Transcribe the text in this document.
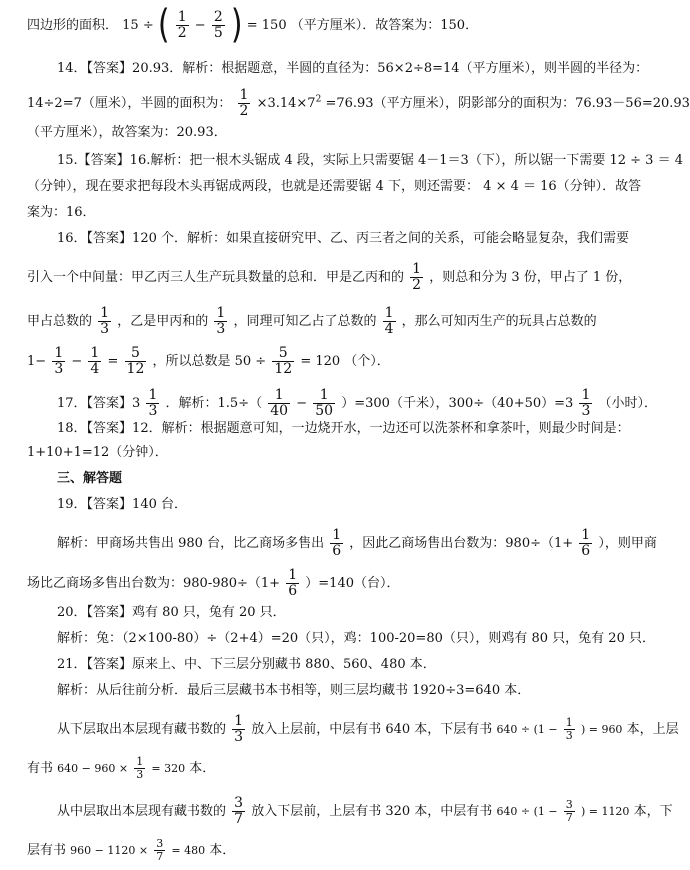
四边形的面积． 15 ÷ ( $\frac{1}{2} - \frac{2}{5}$ ) = 150 （平方厘米）．故答案为：150．
14．【答案】20.93．解析：根据题意，半圆的直径为：56×2÷8=14（平方厘米），则半圆的半径为：
14÷2=7（厘米），半圆的面积为： $\frac{1}{2} \times 3.14\times 7^2 =76.93$（平方厘米），阴影部分的面积为：76.93－56=20.93
（平方厘米），故答案为：20.93．
15.【答案】16.解析：把一根木头锯成 4 段，实际上只需要锯 4－1＝3（下），所以锯一下需要 12 ÷ 3 ＝ 4
（分钟），现在要求把每段木头再锯成两段，也就是还需要锯 4 下，则还需要： 4 × 4 ＝ 16（分钟）．故答
案为：16．
16．【答案】120 个．解析：如果直接研究甲、乙、丙三者之间的关系，可能会略显复杂，我们需要
引入一个中间量：甲乙丙三人生产玩具数量的总和．甲是乙丙和的 $\frac{1}{2}$ ，则总和分为 3 份，甲占了 1 份，
甲占总数的 $\frac{1}{3}$ ，乙是甲丙和的 $\frac{1}{3}$ ，同理可知乙占了总数的 $\frac{1}{4}$ ，那么可知丙生产的玩具占总数的
$1- \frac{1}{3} - \frac{1}{4} = \frac{5}{12}$ ，所以总数是 $50 \div \frac{5}{12} = 120$ （个）．
17．【答案】$3 \frac{1}{3}$ ．解析：$1.5\div( \frac{1}{40} - \frac{1}{50} )=300$（千米），$300\div(40+50)=3 \frac{1}{3}$ （小时）．
18．【答案】12．解析：根据题意可知，一边烧开水，一边还可以洗茶杯和拿茶叶，则最少时间是：
1+10+1=12（分钟）．
三、解答题
19．【答案】140 台．
解析：甲商场共售出 980 台，比乙商场多售出 $\frac{1}{6}$ ，因此乙商场售出台数为：$980\div(1+ \frac{1}{6}$ ），则甲商
场比乙商场多售出台数为：$980-980\div(1+ \frac{1}{6} )=140$（台）．
20．【答案】鸡有 80 只，兔有 20 只．
解析：兔：（2×100-80）÷（2+4）=20（只），鸡：100-20=80（只），则鸡有 80 只，兔有 20 只．
21．【答案】原来上、中、下三层分别藏书 880、560、480 本．
解析：从后往前分析．最后三层藏书本书相等，则三层均藏书 1920÷3=640 本．
从下层取出本层现有藏书数的 $\frac{1}{3}$ 放入上层前，中层有书 640 本，下层有书 $640 \div (1 - \frac{1}{3}$ ) = 960 本，上层
有书 $640 - 960 \times \frac{1}{3} = 320$ 本．
从中层取出本层现有藏书数的 $\frac{3}{7}$ 放入下层前，上层有书 320 本，中层有书 $640 \div (1 - \frac{3}{7}$ ) = 1120 本，下
层有书 $960 - 1120 \times \frac{3}{7} = 480$ 本．
